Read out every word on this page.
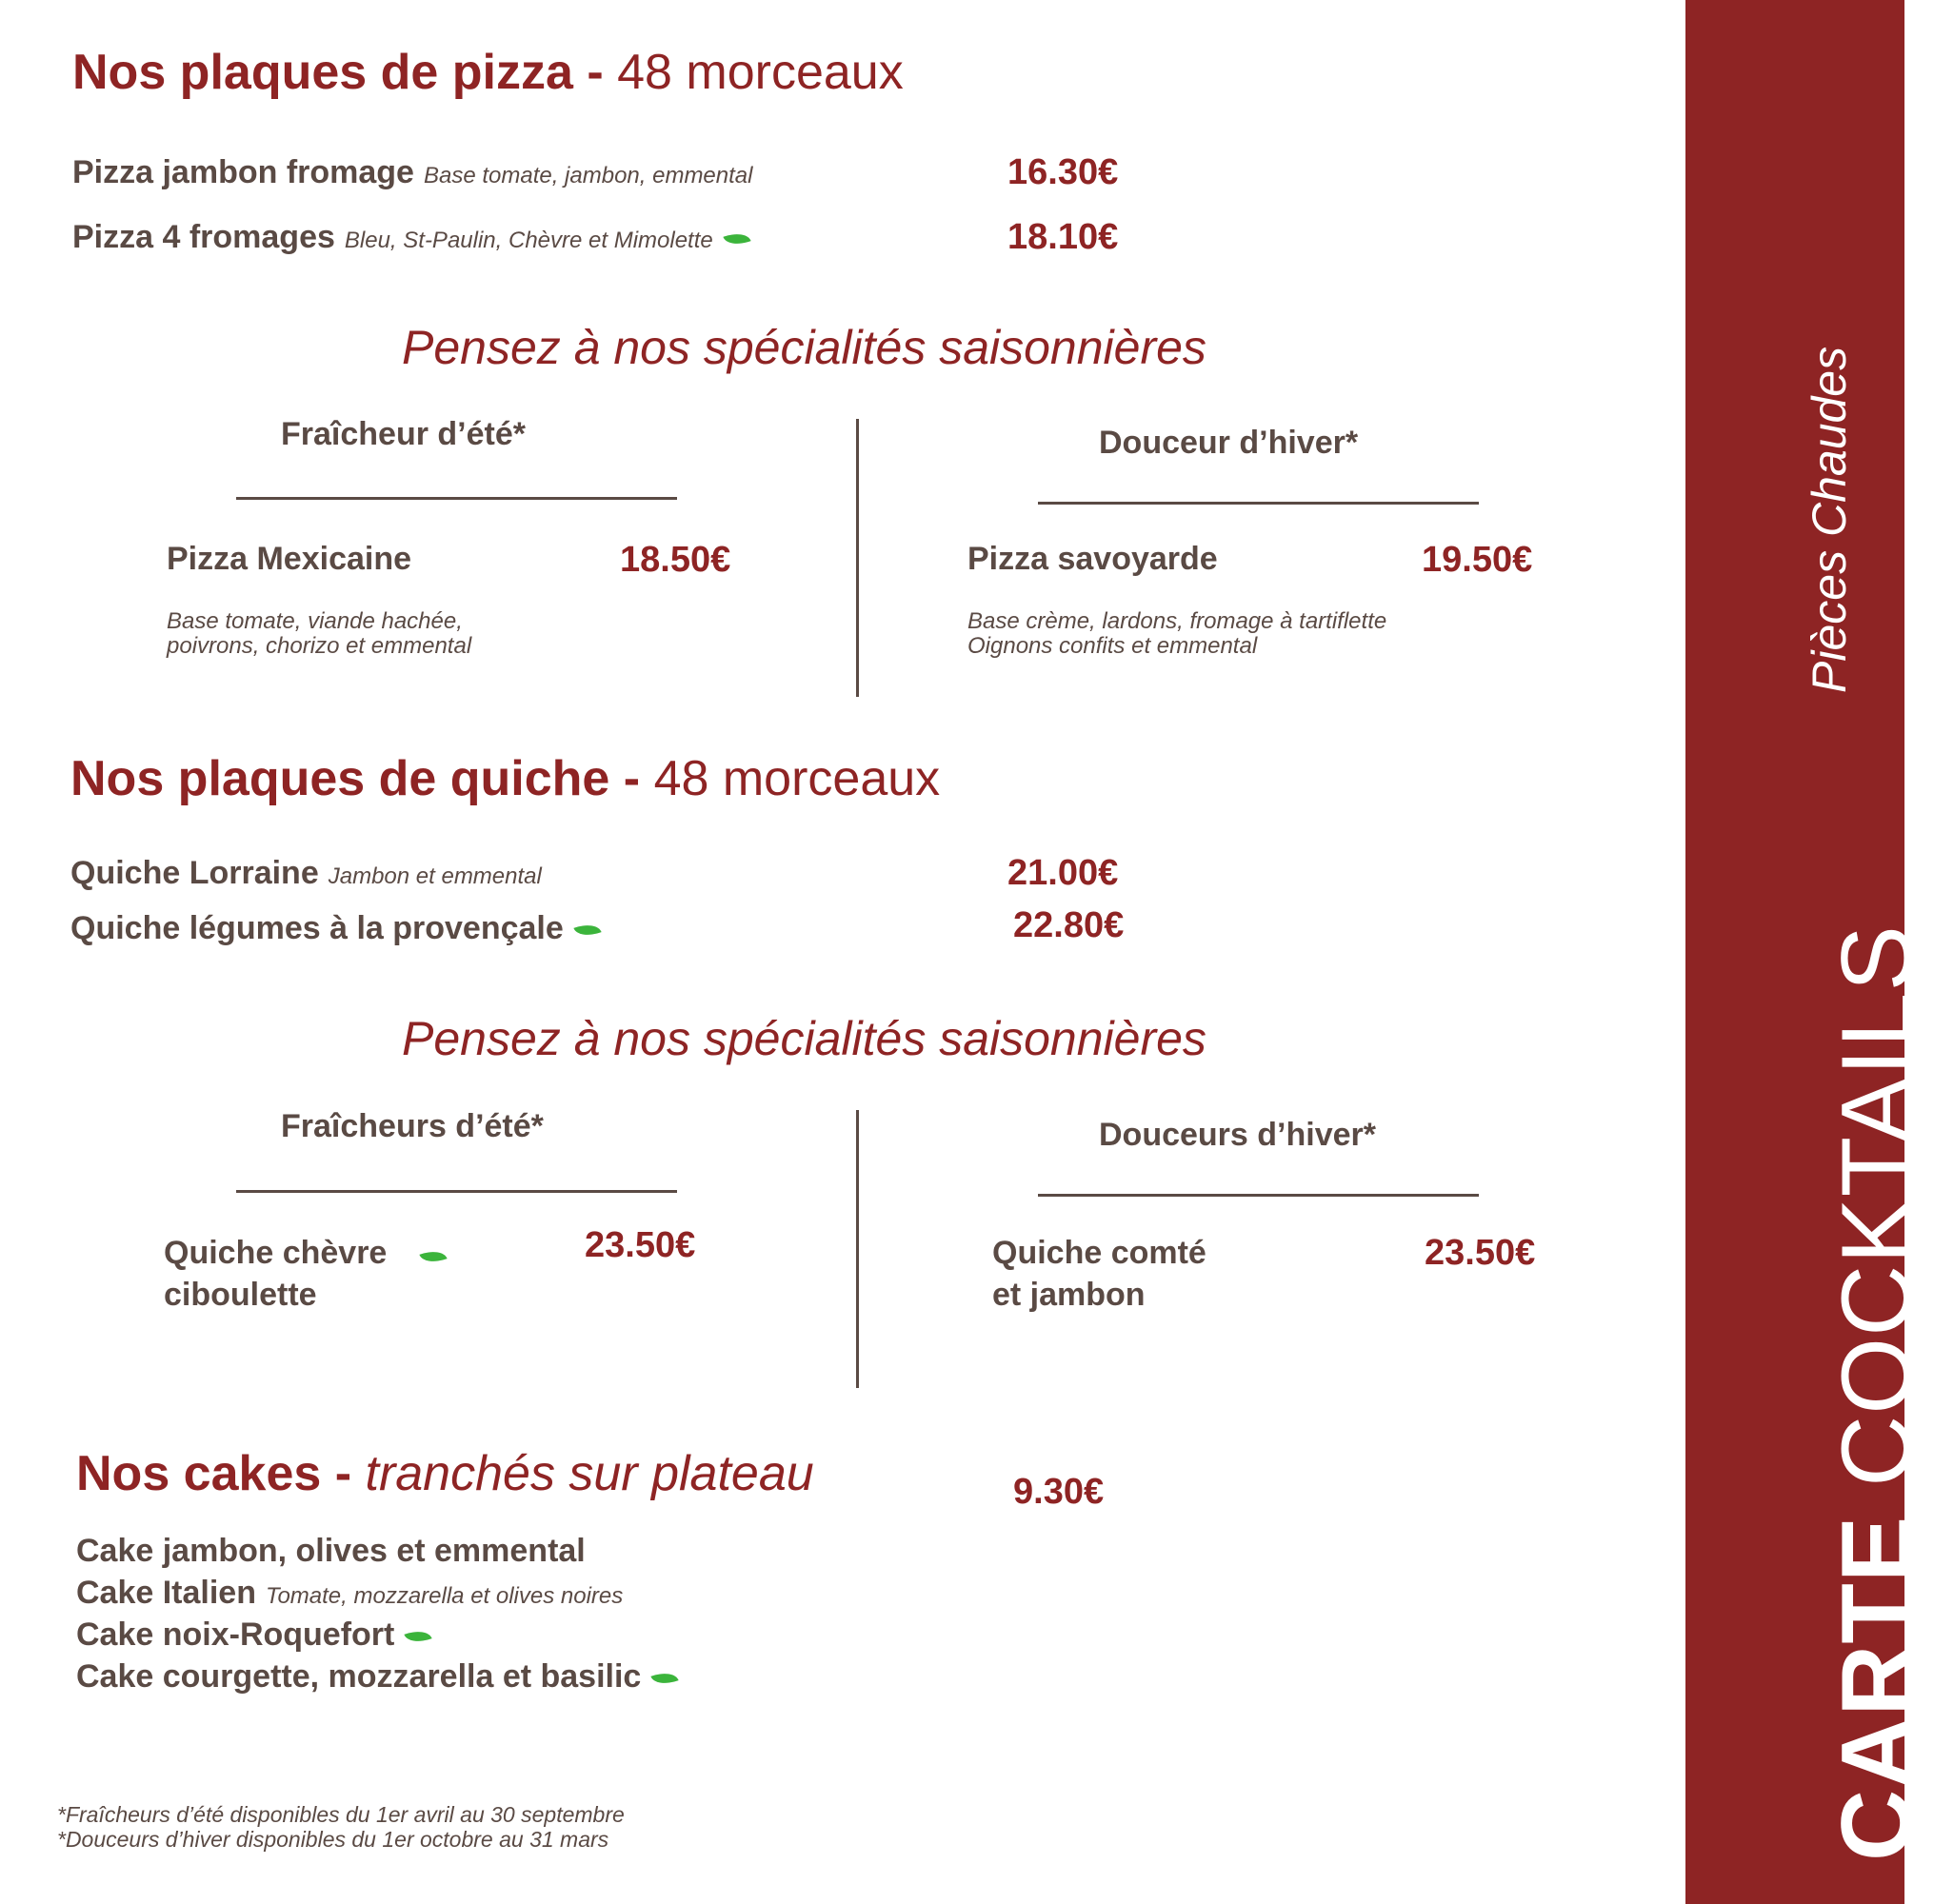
Nos plaques de pizza - 48 morceaux
Pizza jambon fromage Base tomate, jambon, emmental	16.30€
Pizza 4 fromages Bleu, St-Paulin, Chèvre et Mimolette	18.10€
Pensez à nos spécialités saisonnières
Fraîcheur d’été*
Pizza Mexicaine	18.50€
Base tomate, viande hachée,
poivrons, chorizo et emmental
Douceur d’hiver*
Pizza savoyarde	19.50€
Base crème, lardons, fromage à tartiflette
Oignons confits et emmental
Nos plaques de quiche - 48 morceaux
Quiche Lorraine Jambon et emmental	21.00€
Quiche légumes à la provençale	22.80€
Pensez à nos spécialités saisonnières
Fraîcheurs d’été*
Quiche chèvre
ciboulette
23.50€
Douceurs d’hiver*
Quiche comté
et jambon
23.50€
Nos cakes - tranchés sur plateau	9.30€
Cake jambon, olives et emmental
Cake Italien Tomate, mozzarella et olives noires
Cake noix-Roquefort
Cake courgette, mozzarella et basilic
*Fraîcheurs d’été disponibles du 1er avril au 30 septembre
*Douceurs d’hiver disponibles du 1er octobre au 31 mars	CARTE COCKTAILS
Pièces Chaudes
